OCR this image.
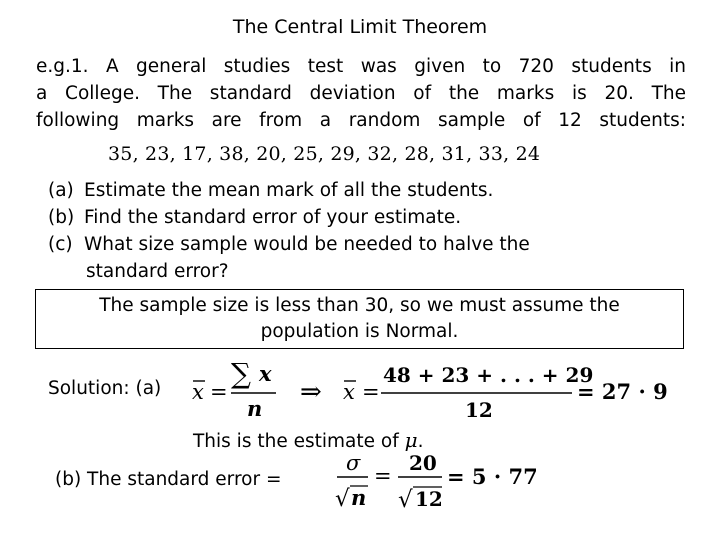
The Central Limit Theorem
e.g.1. A general studies test was given to 720 students in
a College. The standard deviation of the marks is 20. The
following marks are from a random sample of 12 students:
35, 23, 17, 38, 20, 25, 29, 32, 28, 31, 33, 24
(a) Estimate the mean mark of all the students.
(b) Find the standard error of your estimate.
(c) What size sample would be needed to halve the
standard error?
The sample size is less than 30, so we must assume the
population is Normal.
Solution: (a) x =
∑ x
n
⇒ x =
48 + 23 + . . . + 29
12
= 27 · 9
σ
√ n
=
20
√ 12
= 5 · 77
This is the estimate of μ.
(b) The standard error =
